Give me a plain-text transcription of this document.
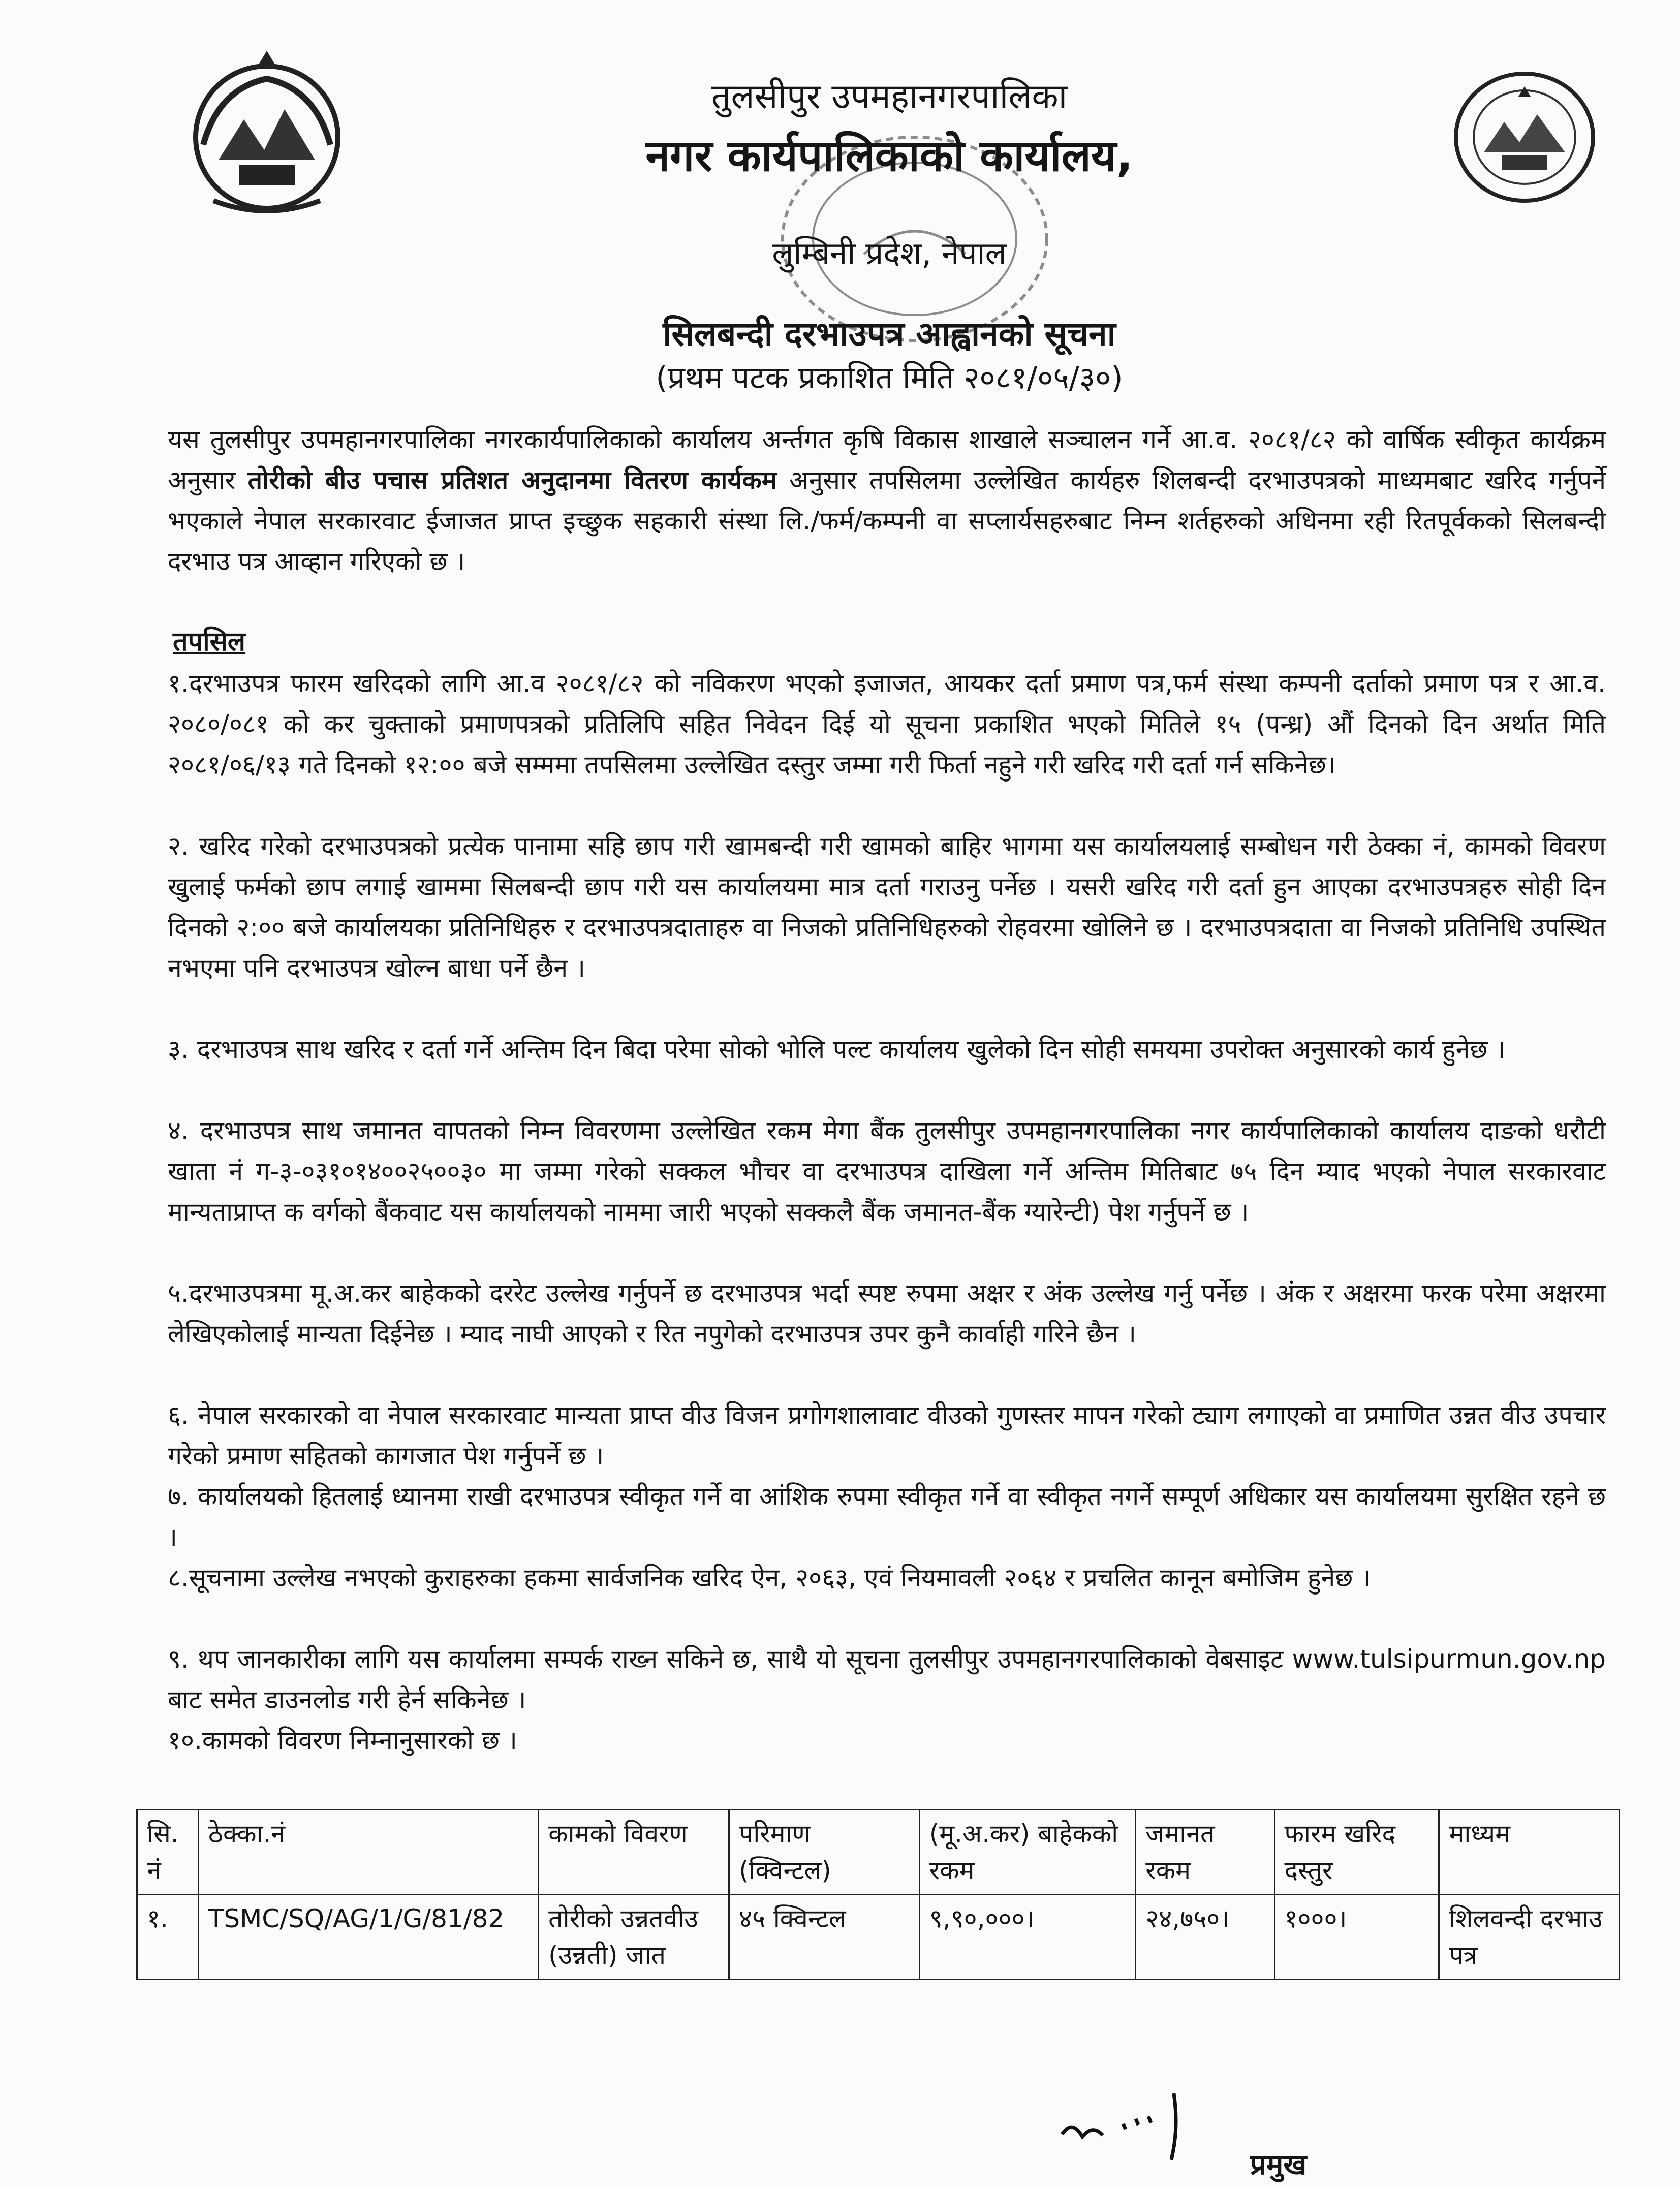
तुलसीपुर उपमहानगरपालिका
नगर कार्यपालिकाको कार्यालय,
लुम्बिनी प्रदेश, नेपाल
सिलबन्दी दरभाउपत्र आह्वानको सूचना
(प्रथम पटक प्रकाशित मिति २०८१/०५/३०)
यस तुलसीपुर उपमहानगरपालिका नगरकार्यपालिकाको कार्यालय अर्न्तगत कृषि विकास शाखाले सञ्चालन गर्ने आ.व. २०८१/८२ को वार्षिक स्वीकृत कार्यक्रम अनुसार तोरीको बीउ पचास प्रतिशत अनुदानमा वितरण कार्यकम अनुसार तपसिलमा उल्लेखित कार्यहरु शिलबन्दी दरभाउपत्रको माध्यमबाट खरिद गर्नुपर्ने भएकाले नेपाल सरकारवाट ईजाजत प्राप्त इच्छुक सहकारी संस्था लि./फर्म/कम्पनी वा सप्लार्यसहरुबाट निम्न शर्तहरुको अधिनमा रही रितपूर्वकको सिलबन्दी दरभाउ पत्र आव्हान गरिएको छ ।
तपसिल
१.दरभाउपत्र फारम खरिदको लागि आ.व २०८१/८२ को नविकरण भएको इजाजत, आयकर दर्ता प्रमाण पत्र,फर्म संस्था कम्पनी दर्ताको प्रमाण पत्र र आ.व. २०८०/०८१ को कर चुक्ताको प्रमाणपत्रको प्रतिलिपि सहित निवेदन दिई यो सूचना प्रकाशित भएको मितिले १५ (पन्ध्र) औं दिनको दिन अर्थात मिति २०८१/०६/१३ गते दिनको १२:०० बजे सम्ममा तपसिलमा उल्लेखित दस्तुर जम्मा गरी फिर्ता नहुने गरी खरिद गरी दर्ता गर्न सकिनेछ।
२. खरिद गरेको दरभाउपत्रको प्रत्येक पानामा सहि छाप गरी खामबन्दी गरी खामको बाहिर भागमा यस कार्यालयलाई सम्बोधन गरी ठेक्का नं, कामको विवरण खुलाई फर्मको छाप लगाई खाममा सिलबन्दी छाप गरी यस कार्यालयमा मात्र दर्ता गराउनु पर्नेछ । यसरी खरिद गरी दर्ता हुन आएका दरभाउपत्रहरु सोही दिन दिनको २:०० बजे कार्यालयका प्रतिनिधिहरु र दरभाउपत्रदाताहरु वा निजको प्रतिनिधिहरुको रोहवरमा खोलिने छ । दरभाउपत्रदाता वा निजको प्रतिनिधि उपस्थित नभएमा पनि दरभाउपत्र खोल्न बाधा पर्ने छैन ।
३. दरभाउपत्र साथ खरिद र दर्ता गर्ने अन्तिम दिन बिदा परेमा सोको भोलि पल्ट कार्यालय खुलेको दिन सोही समयमा उपरोक्त अनुसारको कार्य हुनेछ ।
४. दरभाउपत्र साथ जमानत वापतको निम्न विवरणमा उल्लेखित रकम मेगा बैंक तुलसीपुर उपमहानगरपालिका नगर कार्यपालिकाको कार्यालय दाङको धरौटी खाता नं ग-३-०३१०१४००२५००३० मा जम्मा गरेको सक्कल भौचर वा दरभाउपत्र दाखिला गर्ने अन्तिम मितिबाट ७५ दिन म्याद भएको नेपाल सरकारवाट मान्यताप्राप्त क वर्गको बैंकवाट यस कार्यालयको नाममा जारी भएको सक्कलै बैंक जमानत-बैंक ग्यारेन्टी) पेश गर्नुपर्ने छ ।
५.दरभाउपत्रमा मू.अ.कर बाहेकको दररेट उल्लेख गर्नुपर्ने छ दरभाउपत्र भर्दा स्पष्ट रुपमा अक्षर र अंक उल्लेख गर्नु पर्नेछ । अंक र अक्षरमा फरक परेमा अक्षरमा लेखिएकोलाई मान्यता दिईनेछ । म्याद नाघी आएको र रित नपुगेको दरभाउपत्र उपर कुनै कार्वाही गरिने छैन ।
६. नेपाल सरकारको वा नेपाल सरकारवाट मान्यता प्राप्त वीउ विजन प्रगोगशालावाट वीउको गुणस्तर मापन गरेको ट्याग लगाएको वा प्रमाणित उन्नत वीउ उपचार गरेको प्रमाण सहितको कागजात पेश गर्नुपर्ने छ ।
७. कार्यालयको हितलाई ध्यानमा राखी दरभाउपत्र स्वीकृत गर्ने वा आंशिक रुपमा स्वीकृत गर्ने वा स्वीकृत नगर्ने सम्पूर्ण अधिकार यस कार्यालयमा सुरक्षित रहने छ ।
८.सूचनामा उल्लेख नभएको कुराहरुका हकमा सार्वजनिक खरिद ऐन, २०६३, एवं नियमावली २०६४ र प्रचलित कानून बमोजिम हुनेछ ।
९. थप जानकारीका लागि यस कार्यालमा सम्पर्क राख्न सकिने छ, साथै यो सूचना तुलसीपुर उपमहानगरपालिकाको वेबसाइट www.tulsipurmun.gov.np बाट समेत डाउनलोड गरी हेर्न सकिनेछ ।
१०.कामको विवरण निम्नानुसारको छ ।
सि. नं	ठेक्का.नं	कामको विवरण	परिमाण (क्विन्टल)	(मू.अ.कर) बाहेकको रकम	जमानत रकम	फारम खरिद दस्तुर	माध्यम
१.	TSMC/SQ/AG/1/G/81/82	तोरीको उन्नतवीउ (उन्नती) जात	४५ क्विन्टल	९,९०,०००।	२४,७५०।	१०००।	शिलवन्दी दरभाउ पत्र
प्रमुख
